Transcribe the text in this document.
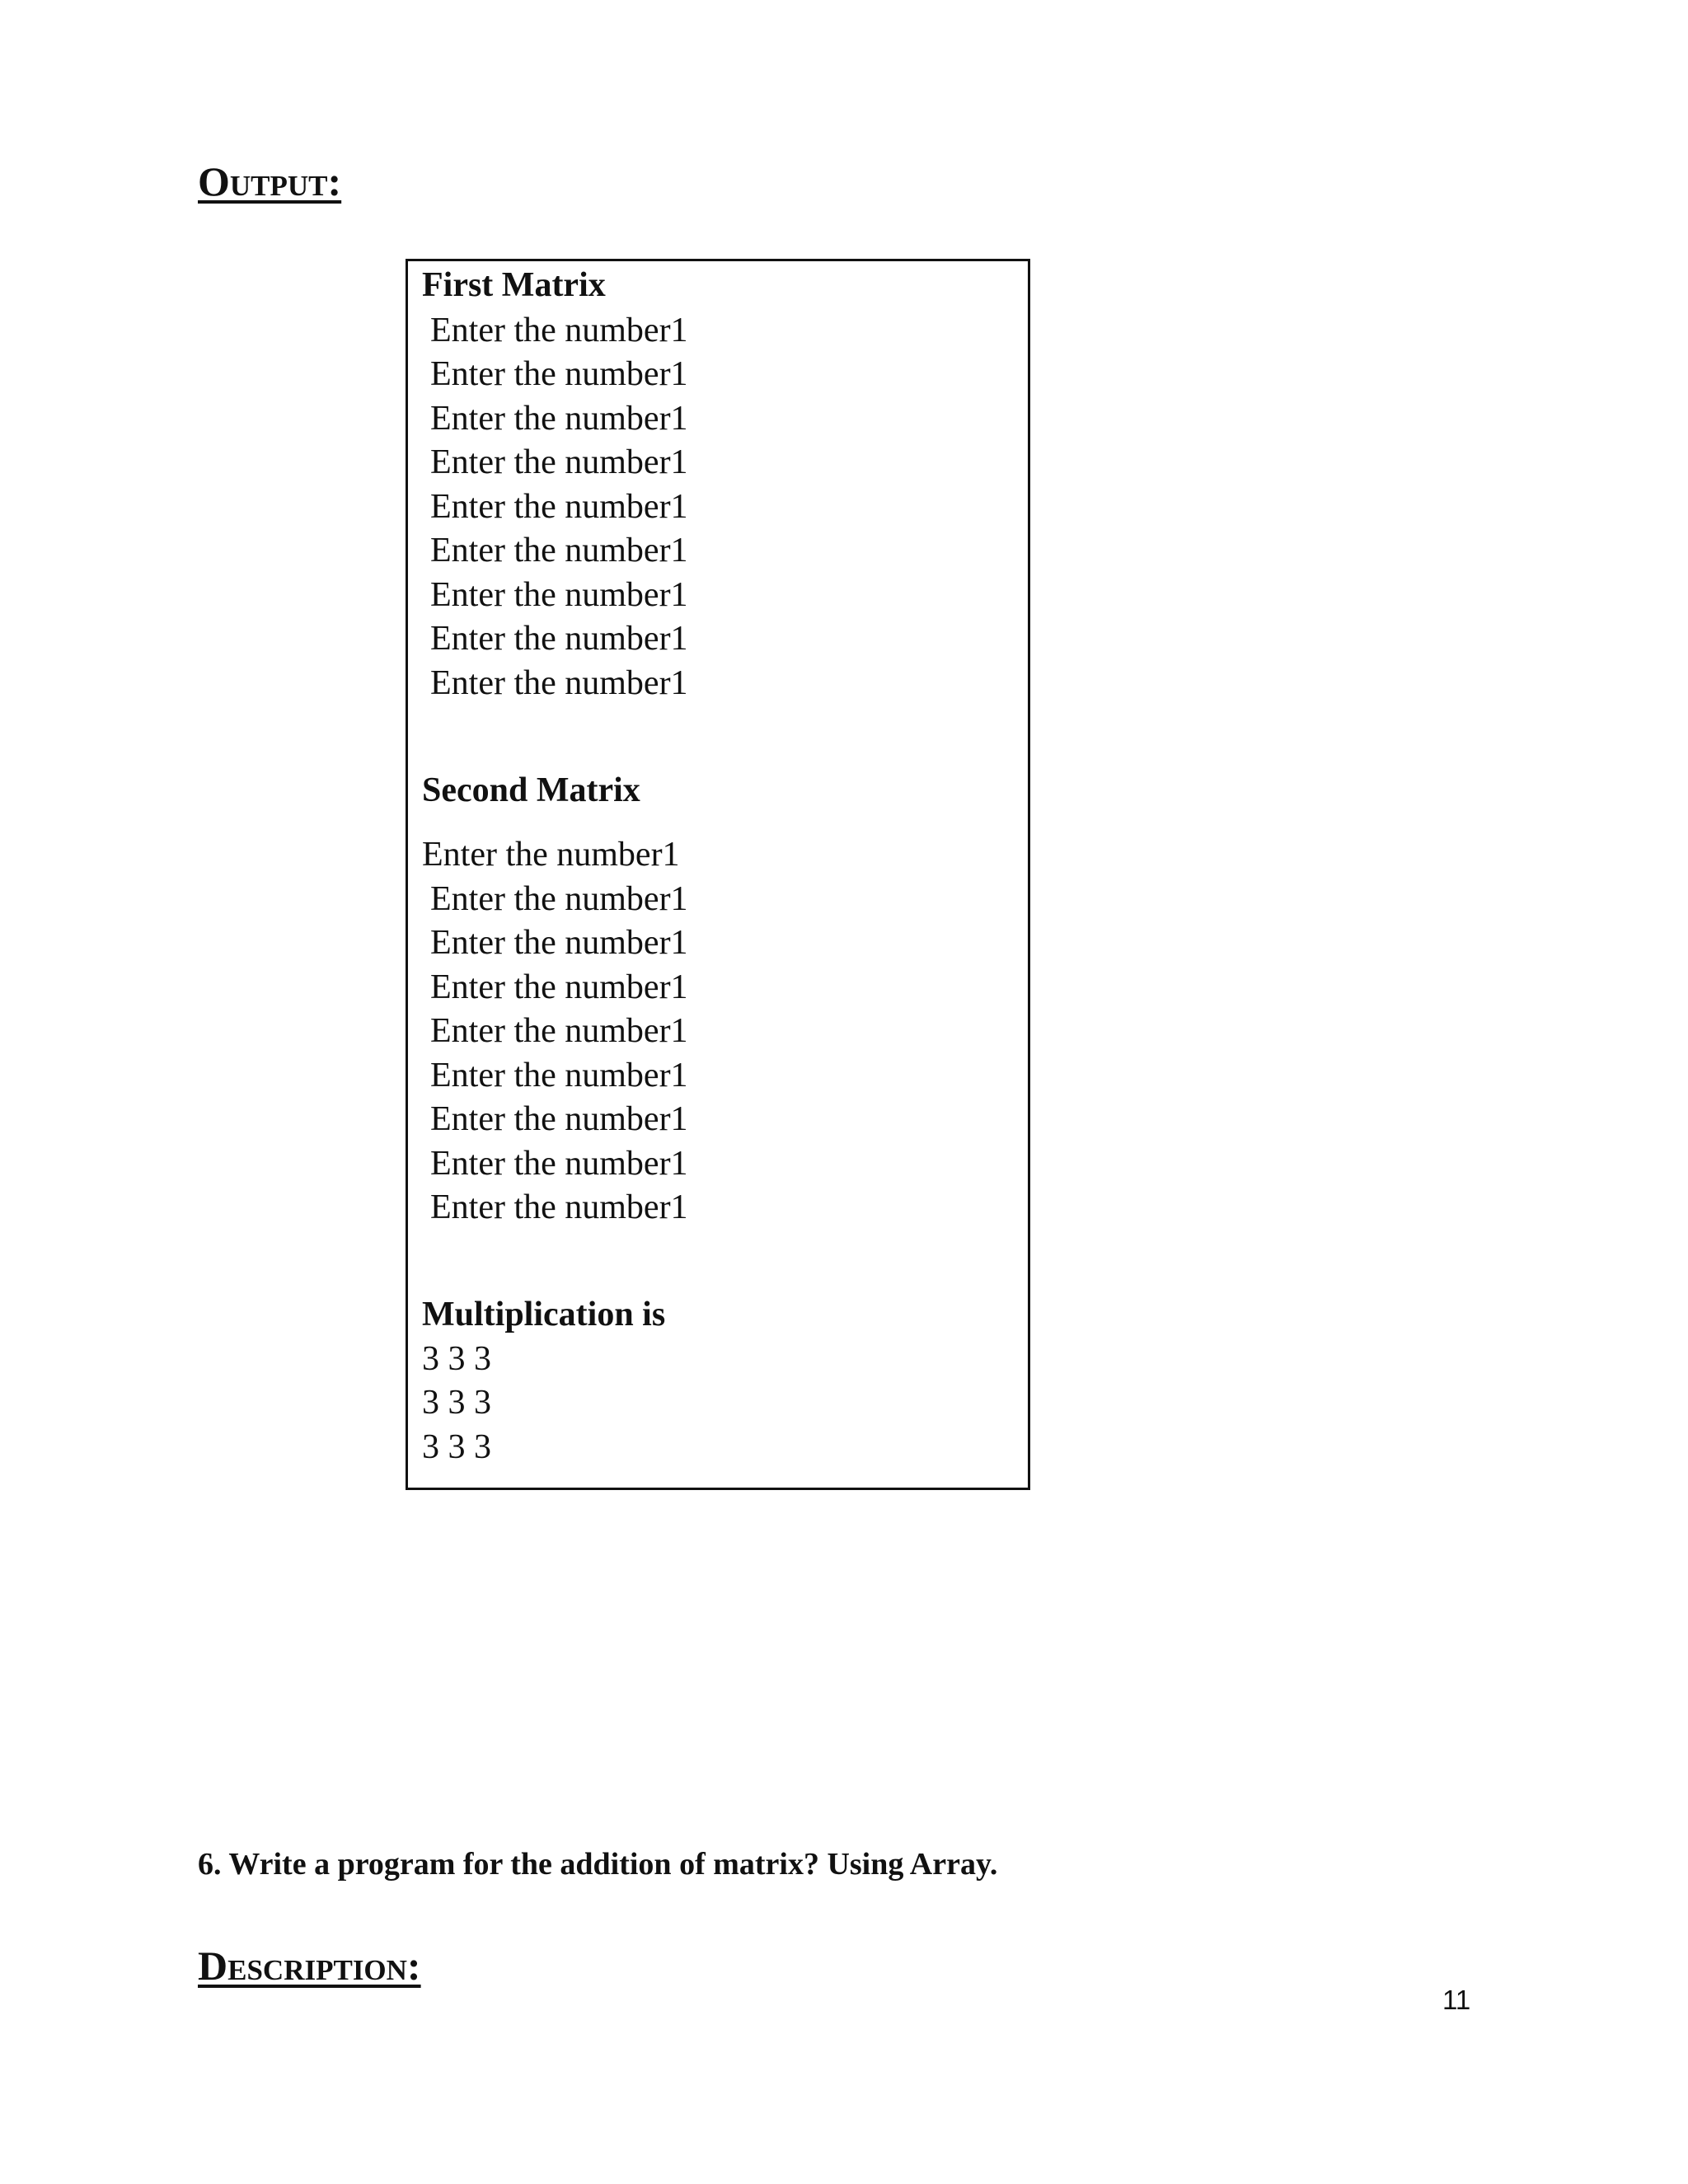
Output:
First Matrix
Enter the number1
Enter the number1
Enter the number1
Enter the number1
Enter the number1
Enter the number1
Enter the number1
Enter the number1
Enter the number1
Second Matrix
Enter the number1
Enter the number1
Enter the number1
Enter the number1
Enter the number1
Enter the number1
Enter the number1
Enter the number1
Enter the number1
Multiplication is
3 3 3
3 3 3
3 3 3
6. Write a program for the addition of matrix? Using Array.
Description:
11
